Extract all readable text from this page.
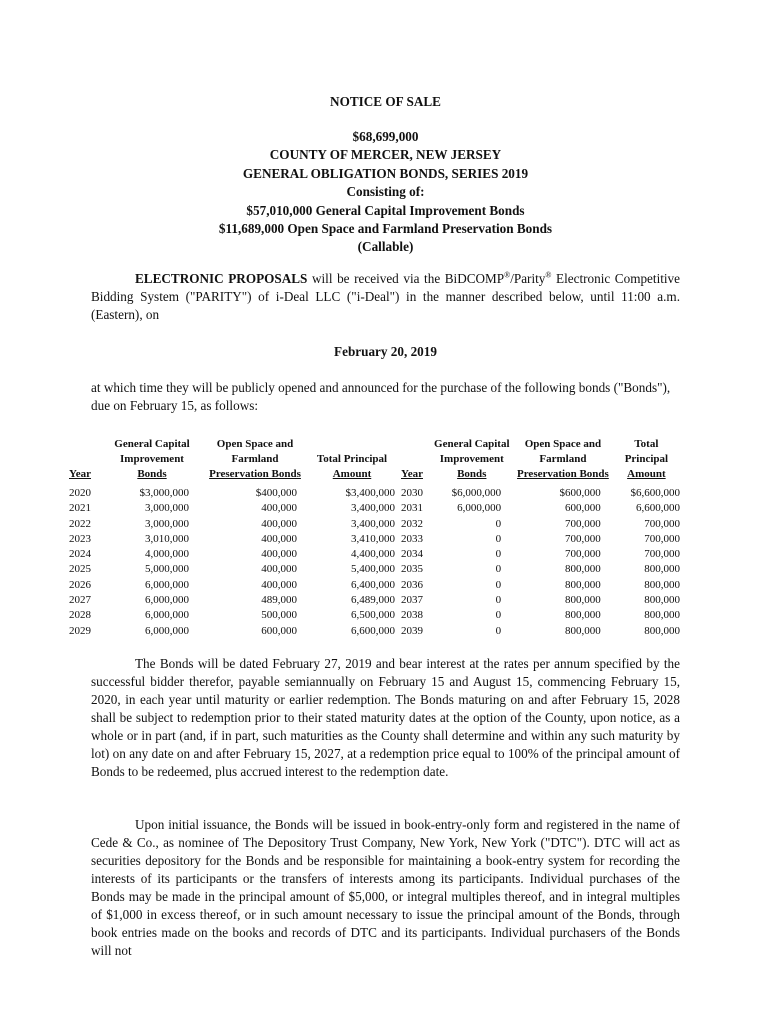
NOTICE OF SALE
$68,699,000
COUNTY OF MERCER, NEW JERSEY
GENERAL OBLIGATION BONDS, SERIES 2019
Consisting of:
$57,010,000 General Capital Improvement Bonds
$11,689,000 Open Space and Farmland Preservation Bonds
(Callable)
ELECTRONIC PROPOSALS will be received via the BiDCOMP®/Parity® Electronic Competitive Bidding System ("PARITY") of i-Deal LLC ("i-Deal") in the manner described below, until 11:00 a.m. (Eastern), on
February 20, 2019
at which time they will be publicly opened and announced for the purchase of the following bonds ("Bonds"), due on February 15, as follows:
Year	General Capital
Improvement
Bonds	Open Space and
Farmland
Preservation Bonds	Total Principal
Amount
2020	$3,000,000	$400,000	$3,400,000
2021	3,000,000	400,000	3,400,000
2022	3,000,000	400,000	3,400,000
2023	3,010,000	400,000	3,410,000
2024	4,000,000	400,000	4,400,000
2025	5,000,000	400,000	5,400,000
2026	6,000,000	400,000	6,400,000
2027	6,000,000	489,000	6,489,000
2028	6,000,000	500,000	6,500,000
2029	6,000,000	600,000	6,600,000
Year	General Capital
Improvement
Bonds	Open Space and
Farmland
Preservation Bonds	Total Principal
Amount
2030	$6,000,000	$600,000	$6,600,000
2031	6,000,000	600,000	6,600,000
2032	0	700,000	700,000
2033	0	700,000	700,000
2034	0	700,000	700,000
2035	0	800,000	800,000
2036	0	800,000	800,000
2037	0	800,000	800,000
2038	0	800,000	800,000
2039	0	800,000	800,000
The Bonds will be dated February 27, 2019 and bear interest at the rates per annum specified by the successful bidder therefor, payable semiannually on February 15 and August 15, commencing February 15, 2020, in each year until maturity or earlier redemption. The Bonds maturing on and after February 15, 2028 shall be subject to redemption prior to their stated maturity dates at the option of the County, upon notice, as a whole or in part (and, if in part, such maturities as the County shall determine and within any such maturity by lot) on any date on and after February 15, 2027, at a redemption price equal to 100% of the principal amount of Bonds to be redeemed, plus accrued interest to the redemption date.
Upon initial issuance, the Bonds will be issued in book-entry-only form and registered in the name of Cede & Co., as nominee of The Depository Trust Company, New York, New York ("DTC"). DTC will act as securities depository for the Bonds and be responsible for maintaining a book-entry system for recording the interests of its participants or the transfers of interests among its participants. Individual purchases of the Bonds may be made in the principal amount of $5,000, or integral multiples thereof, and in integral multiples of $1,000 in excess thereof, or in such amount necessary to issue the principal amount of the Bonds, through book entries made on the books and records of DTC and its participants. Individual purchasers of the Bonds will not
